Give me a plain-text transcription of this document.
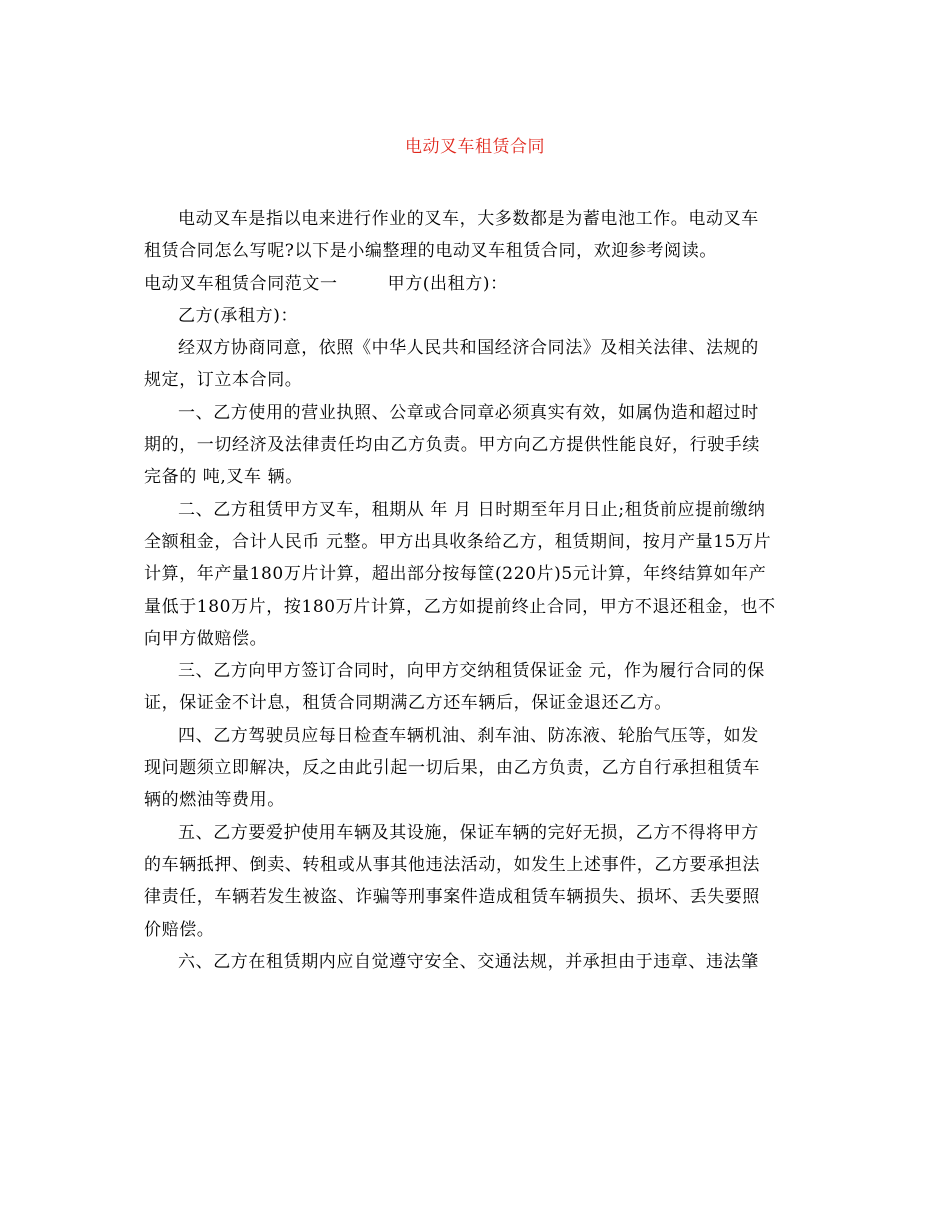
电动叉车租赁合同
电动叉车是指以电来进行作业的叉车，大多数都是为蓄电池工作。电动叉车
租赁合同怎么写呢?以下是小编整理的电动叉车租赁合同，欢迎参考阅读。
电动叉车租赁合同范文一	甲方(出租方)：
乙方(承租方)：
经双方协商同意，依照《中华人民共和国经济合同法》及相关法律、法规的
规定，订立本合同。
一、乙方使用的营业执照、公章或合同章必须真实有效，如属伪造和超过时
期的，一切经济及法律责任均由乙方负责。甲方向乙方提供性能良好，行驶手续
完备的 吨,叉车 辆。
二、乙方租赁甲方叉车，租期从 年 月 日时期至年月日止;租货前应提前缴纳
全额租金，合计人民币 元整。甲方出具收条给乙方，租赁期间，按月产量15万片
计算，年产量180万片计算，超出部分按每筐(220片)5元计算，年终结算如年产
量低于180万片，按180万片计算，乙方如提前终止合同，甲方不退还租金，也不
向甲方做赔偿。
三、乙方向甲方签订合同时，向甲方交纳租赁保证金 元，作为履行合同的保
证，保证金不计息，租赁合同期满乙方还车辆后，保证金退还乙方。
四、乙方驾驶员应每日检查车辆机油、刹车油、防冻液、轮胎气压等，如发
现问题须立即解决，反之由此引起一切后果，由乙方负责，乙方自行承担租赁车
辆的燃油等费用。
五、乙方要爱护使用车辆及其设施，保证车辆的完好无损，乙方不得将甲方
的车辆抵押、倒卖、转租或从事其他违法活动，如发生上述事件，乙方要承担法
律责任，车辆若发生被盗、诈骗等刑事案件造成租赁车辆损失、损坏、丢失要照
价赔偿。
六、乙方在租赁期内应自觉遵守安全、交通法规，并承担由于违章、违法肇
